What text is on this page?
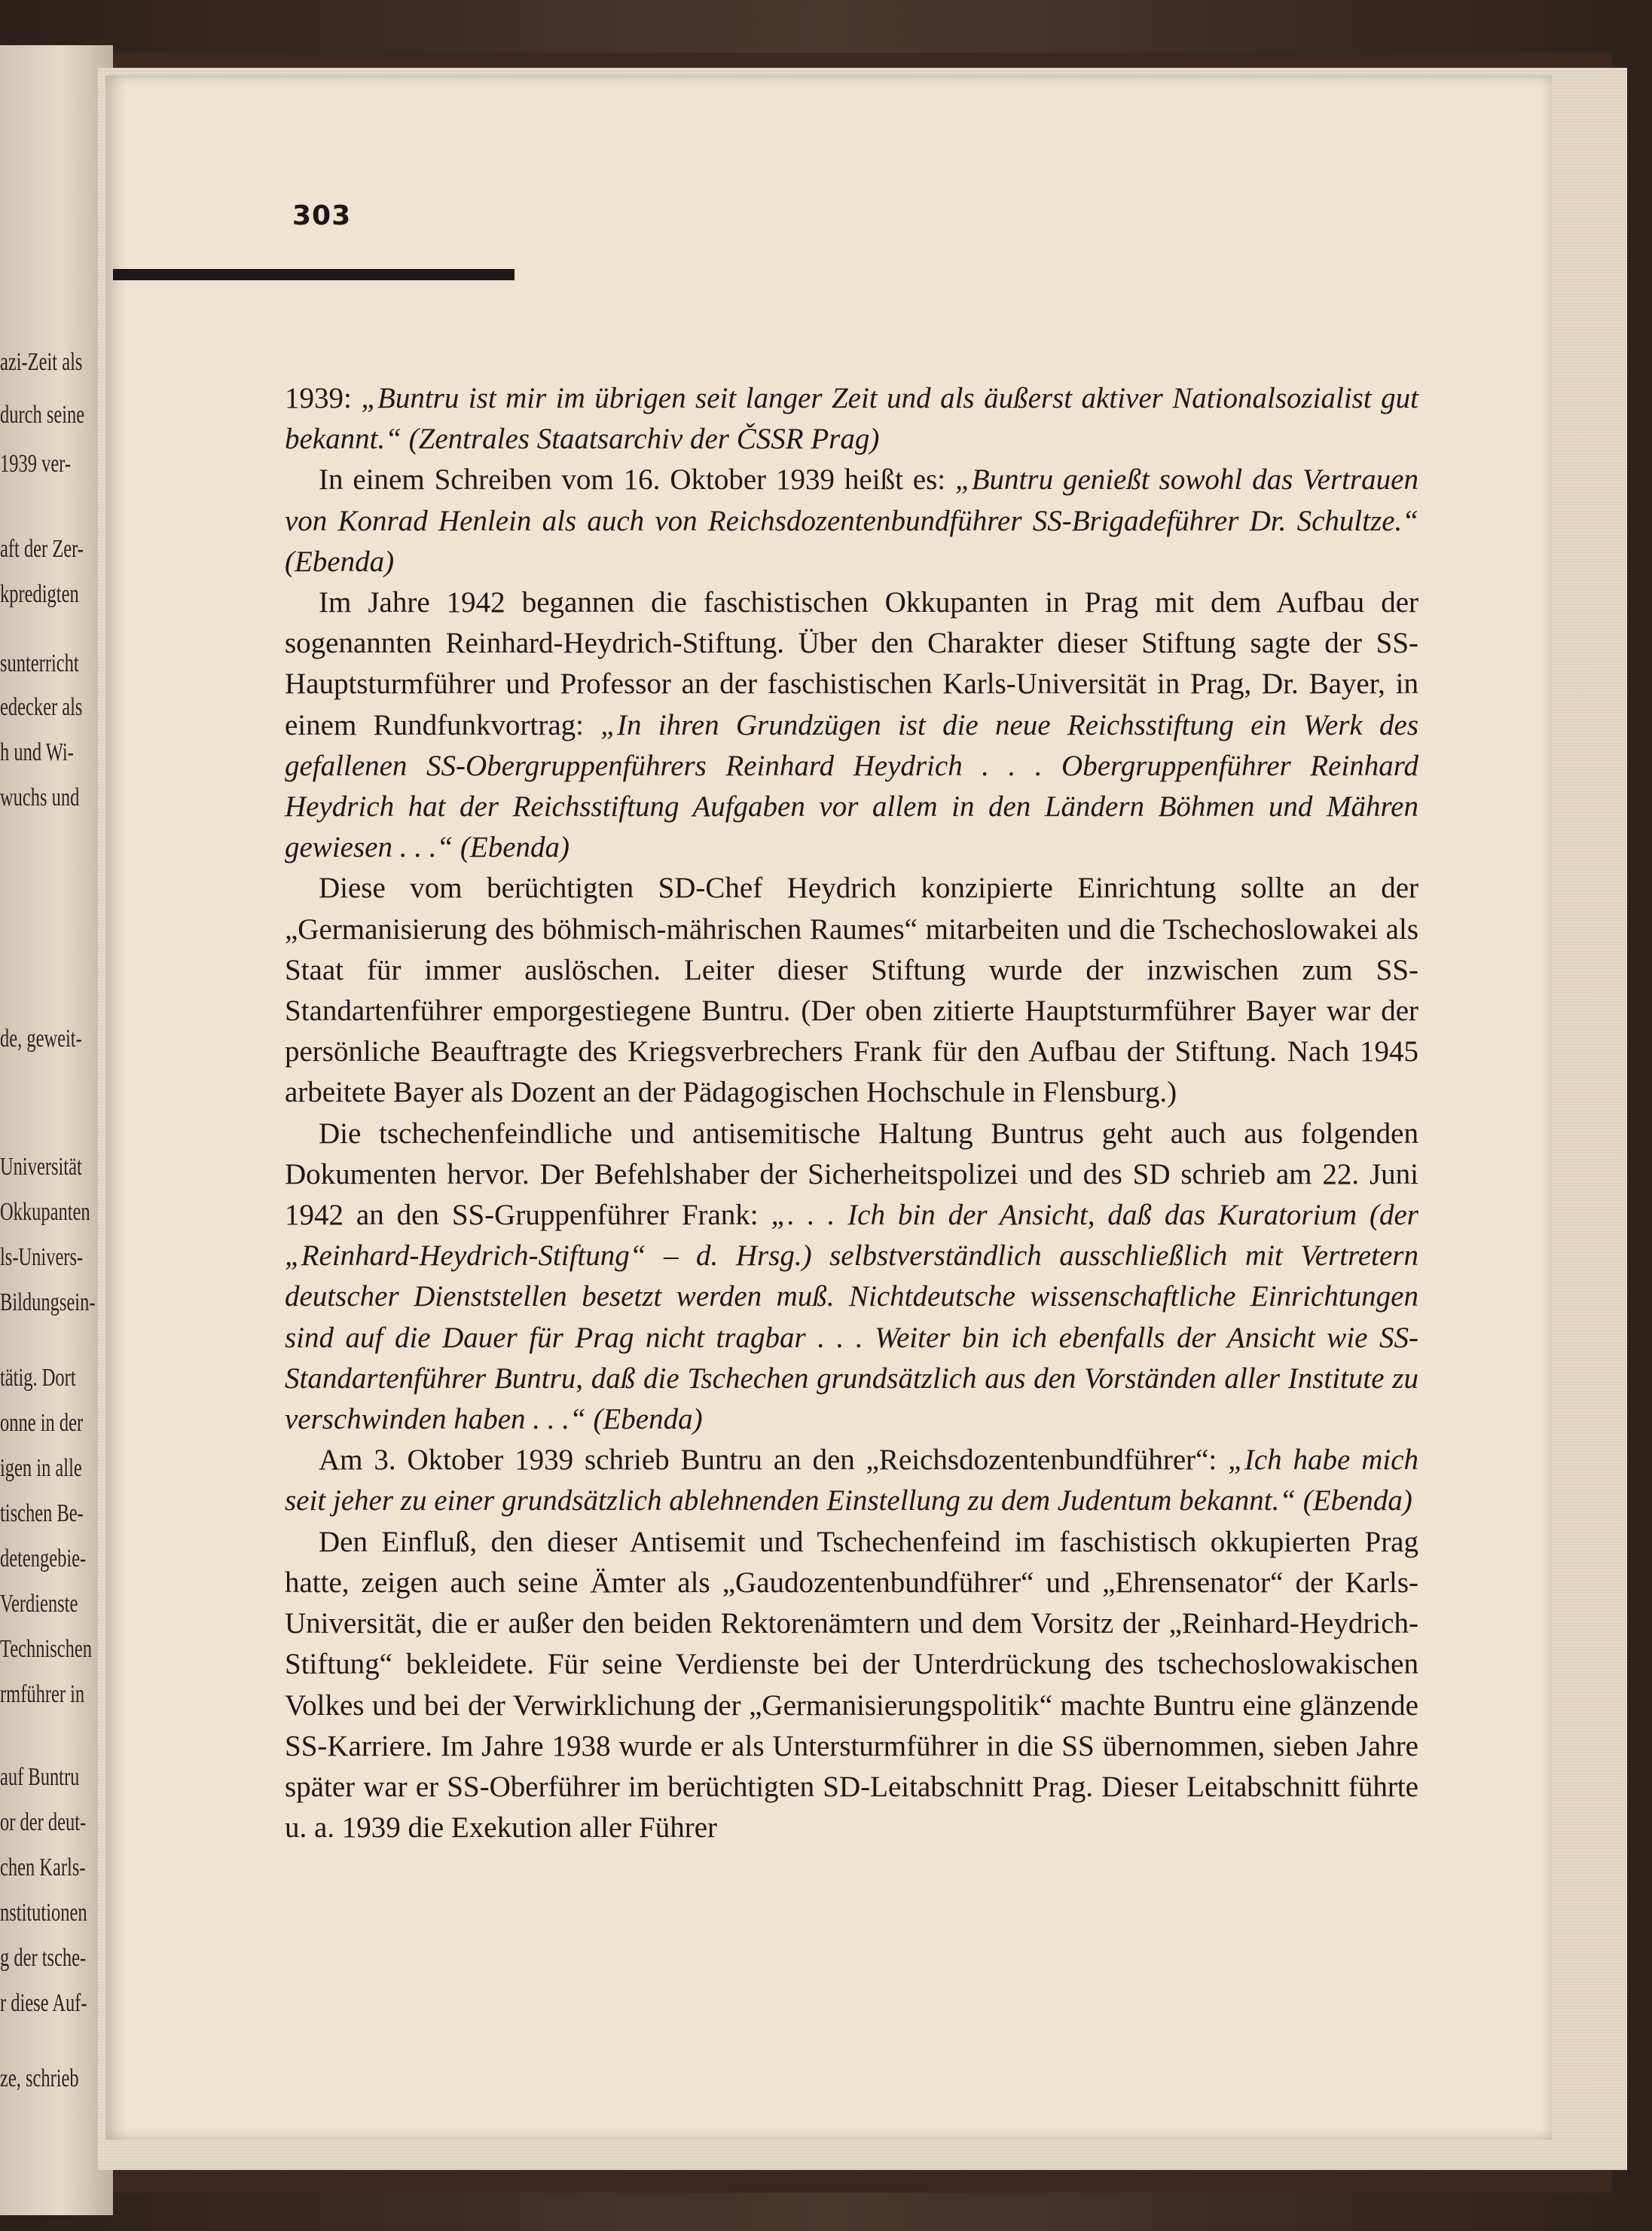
azi-Zeit als
durch seine
1939 ver-
aft der Zer-
kpredigten
sunterricht
edecker als
h und Wi-
wuchs und
de, geweit-
Universität
Okkupanten
ls-Univers-
Bildungsein-
tätig. Dort
onne in der
igen in alle
tischen Be-
detengebie-
Verdienste
Technischen
rmführer in
auf Buntru
or der deut-
chen Karls-
nstitutionen
g der tsche-
r diese Auf-
ze, schrieb
303

1939: „Buntru ist mir im übrigen seit langer Zeit und als äußerst aktiver Nationalsozialist gut bekannt.“ (Zentrales Staatsarchiv der ČSSR Prag)

In einem Schreiben vom 16. Oktober 1939 heißt es: „Buntru genießt sowohl das Vertrauen von Konrad Henlein als auch von Reichsdozentenbundführer SS-Brigadeführer Dr. Schultze.“ (Ebenda)

Im Jahre 1942 begannen die faschistischen Okkupanten in Prag mit dem Aufbau der sogenannten Reinhard-Heydrich-Stiftung. Über den Charakter dieser Stiftung sagte der SS-Hauptsturmführer und Professor an der faschistischen Karls-Universität in Prag, Dr. Bayer, in einem Rundfunkvortrag: „In ihren Grundzügen ist die neue Reichsstiftung ein Werk des gefallenen SS-Obergruppenführers Reinhard Heydrich . . . Obergruppenführer Reinhard Heydrich hat der Reichsstiftung Aufgaben vor allem in den Ländern Böhmen und Mähren gewiesen . . .“ (Ebenda)

Diese vom berüchtigten SD-Chef Heydrich konzipierte Einrichtung sollte an der „Germanisierung des böhmisch-mährischen Raumes“ mitarbeiten und die Tschechoslowakei als Staat für immer auslöschen. Leiter dieser Stiftung wurde der inzwischen zum SS-Standartenführer emporgestiegene Buntru. (Der oben zitierte Hauptsturmführer Bayer war der persönliche Beauftragte des Kriegsverbrechers Frank für den Aufbau der Stiftung. Nach 1945 arbeitete Bayer als Dozent an der Pädagogischen Hochschule in Flensburg.)

Die tschechenfeindliche und antisemitische Haltung Buntrus geht auch aus folgenden Dokumenten hervor. Der Befehlshaber der Sicherheitspolizei und des SD schrieb am 22. Juni 1942 an den SS-Gruppenführer Frank: „. . . Ich bin der Ansicht, daß das Kuratorium (der „Reinhard-Heydrich-Stiftung“ – d. Hrsg.) selbstverständlich ausschließlich mit Vertretern deutscher Dienststellen besetzt werden muß. Nichtdeutsche wissenschaftliche Einrichtungen sind auf die Dauer für Prag nicht tragbar . . . Weiter bin ich ebenfalls der Ansicht wie SS-Standartenführer Buntru, daß die Tschechen grundsätzlich aus den Vorständen aller Institute zu verschwinden haben . . .“ (Ebenda)

Am 3. Oktober 1939 schrieb Buntru an den „Reichsdozentenbundführer“: „Ich habe mich seit jeher zu einer grundsätzlich ablehnenden Einstellung zu dem Judentum bekannt.“ (Ebenda)

Den Einfluß, den dieser Antisemit und Tschechenfeind im faschistisch okkupierten Prag hatte, zeigen auch seine Ämter als „Gaudozentenbundführer“ und „Ehrensenator“ der Karls-Universität, die er außer den beiden Rektorenämtern und dem Vorsitz der „Reinhard-Heydrich-Stiftung“ bekleidete. Für seine Verdienste bei der Unterdrückung des tschechoslowakischen Volkes und bei der Verwirklichung der „Germanisierungspolitik“ machte Buntru eine glänzende SS-Karriere. Im Jahre 1938 wurde er als Untersturmführer in die SS übernommen, sieben Jahre später war er SS-Oberführer im berüchtigten SD-Leitabschnitt Prag. Dieser Leitabschnitt führte u. a. 1939 die Exekution aller Führer
